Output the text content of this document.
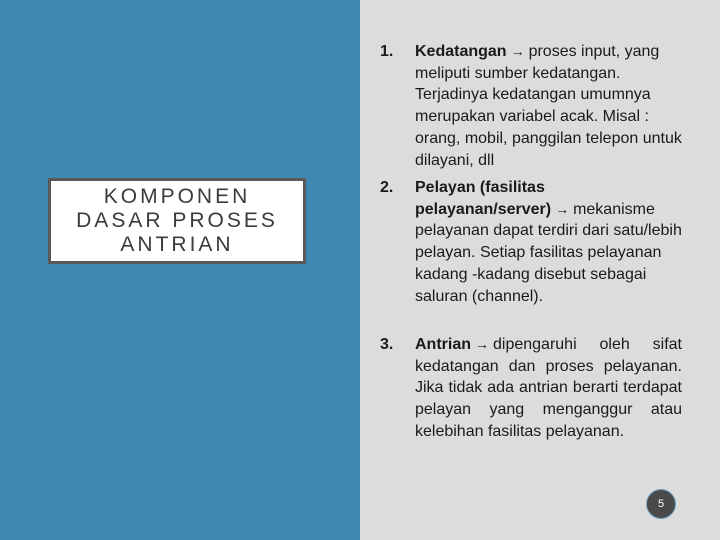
KOMPONEN
DASAR PROSES
ANTRIAN
1. Kedatangan → proses input, yang meliputi sumber kedatangan. Terjadinya kedatangan umumnya merupakan variabel acak. Misal : orang, mobil, panggilan telepon untuk dilayani, dll
2. Pelayan (fasilitas pelayanan/server) → mekanisme pelayanan dapat terdiri dari satu/lebih pelayan. Setiap fasilitas pelayanan kadang -kadang disebut sebagai saluran (channel).
3. Antrian → dipengaruhi oleh sifat kedatangan dan proses pelayanan. Jika tidak ada antrian berarti terdapat pelayan yang menganggur atau kelebihan fasilitas pelayanan.
5
